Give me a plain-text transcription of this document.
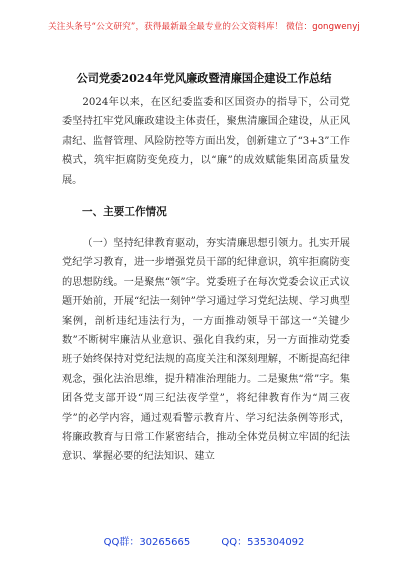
关注头条号“公文研究”，获得最新最全最专业的公文资料库！ 微信：gongwenyj
公司党委2024年党风廉政暨清廉国企建设工作总结

2024年以来，在区纪委监委和区国资办的指导下，公司党委坚持扛牢党风廉政建设主体责任，聚焦清廉国企建设，从正风肃纪、监督管理、风险防控等方面出发，创新建立了“3+3”工作模式，筑牢拒腐防变免疫力，以“廉”的成效赋能集团高质量发展。

一、主要工作情况

（一）坚持纪律教育驱动，夯实清廉思想引领力。扎实开展党纪学习教育，进一步增强党员干部的纪律意识，筑牢拒腐防变的思想防线。一是聚焦“领”字。党委班子在每次党委会议正式议题开始前，开展“纪法一刻钟”学习通过学习党纪法规、学习典型案例，剖析违纪违法行为，一方面推动领导干部这一“关键少数”不断树牢廉洁从业意识、强化自我约束，另一方面推动党委班子始终保持对党纪法规的高度关注和深刻理解，不断提高纪律观念，强化法治思维，提升精准治理能力。二是聚焦“常”字。集团各党支部开设“周三纪法夜学堂”，将纪律教育作为“周三夜学”的必学内容，通过观看警示教育片、学习纪法条例等形式，将廉政教育与日常工作紧密结合，推动全体党员树立牢固的纪法意识、掌握必要的纪法知识、建立

QQ群：30265665	QQ：535304092
